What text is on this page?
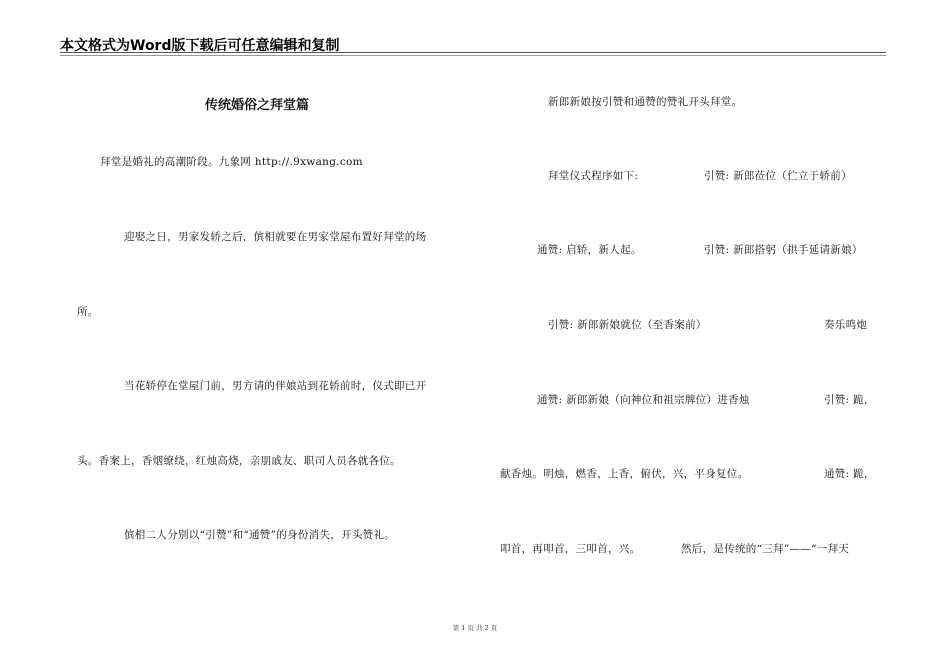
本文格式为Word版下载后可任意编辑和复制
传统婚俗之拜堂篇
拜堂是婚礼的高潮阶段。九象网 http://.9xwang.com
迎娶之日，男家发轿之后，傧相就要在男家堂屋布置好拜堂的场
所。
当花轿停在堂屋门前，男方请的伴娘站到花轿前时，仪式即已开
头。香案上，香烟缭绕，红烛高烧，亲朋戚友、职司人员各就各位。
傧相二人分别以“引赞”和“通赞”的身份消失，开头赞礼。
新郎新娘按引赞和通赞的赞礼开头拜堂。
拜堂仪式程序如下:	引赞: 新郎莅位（伫立于轿前）
通赞: 启轿，新人起。	引赞: 新郎搭躬（拱手延请新娘）
引赞: 新郎新娘就位（至香案前）	奏乐鸣炮
通赞: 新郎新娘（向神位和祖宗牌位）进香烛	引赞: 跪，
献香烛。明烛，燃香，上香，俯伏，兴，平身复位。	通赞: 跪，
叩首，再叩首，三叩首，兴。	然后，是传统的“三拜”——“一拜天
第 1 页 共 2 页
